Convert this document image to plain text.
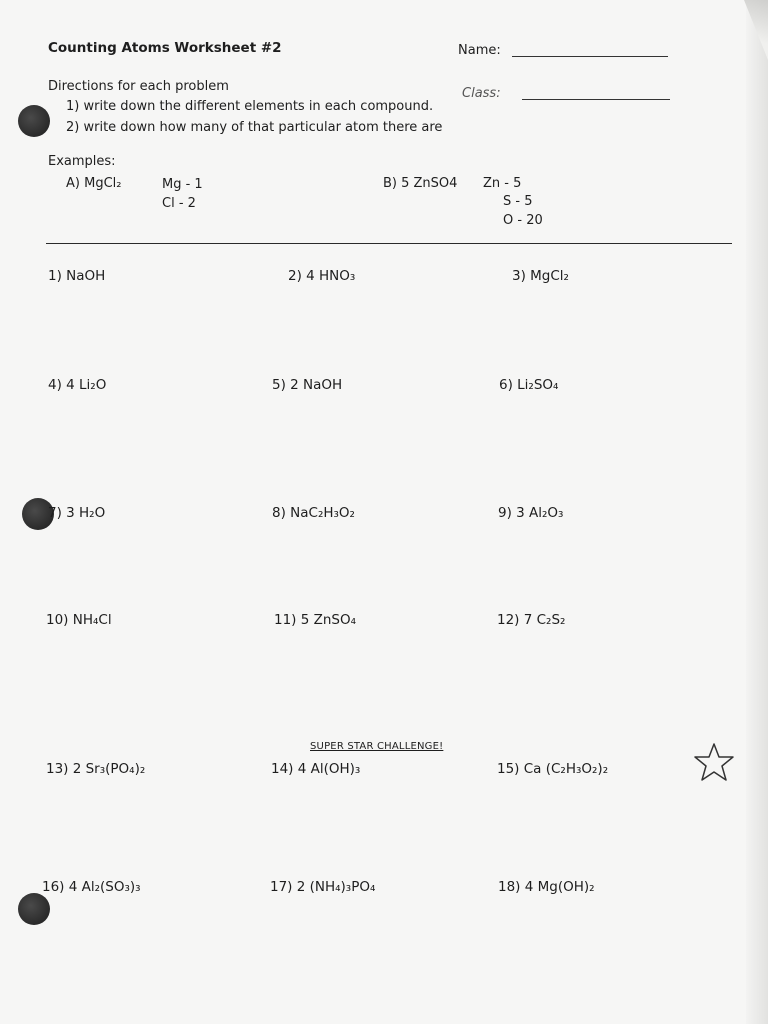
Counting Atoms Worksheet #2	Name:
Class:
Directions for each problem
1) write down the different elements in each compound.
2) write down how many of that particular atom there are
Examples:
A) MgCl₂	Mg - 1
Cl - 2
B) 5 ZnSO4 Zn - 5
S - 5
O - 20
1) NaOH	2) 4 HNO₃	3) MgCl₂
4) 4 Li₂O	5) 2 NaOH	6) Li₂SO₄
7) 3 H₂O	8) NaC₂H₃O₂	9) 3 Al₂O₃
10) NH₄Cl	11) 5 ZnSO₄	12) 7 C₂S₂
SUPER STAR CHALLENGE!
13) 2 Sr₃(PO₄)₂	14) 4 Al(OH)₃	15) Ca (C₂H₃O₂)₂
16) 4 Al₂(SO₃)₃	17) 2 (NH₄)₃PO₄	18) 4 Mg(OH)₂
